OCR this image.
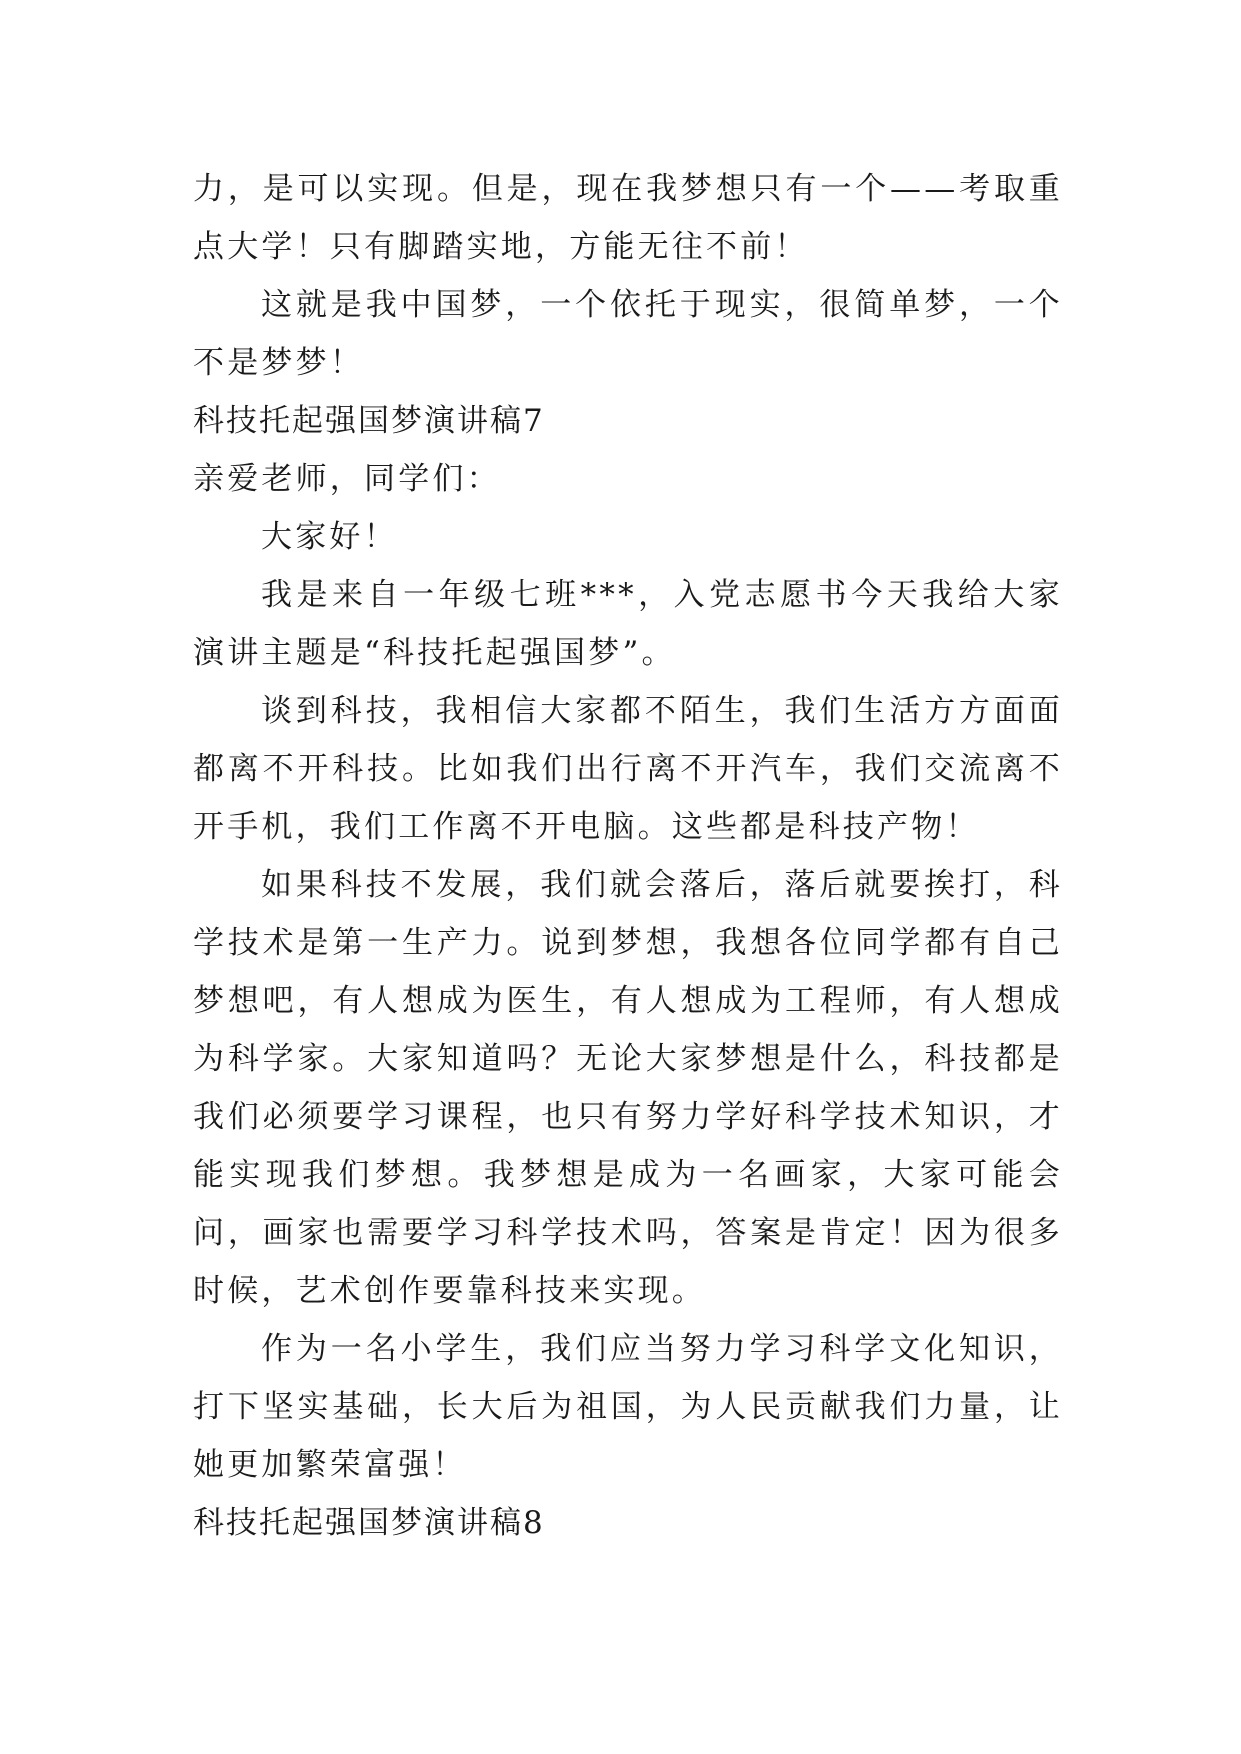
力，是可以实现。但是，现在我梦想只有一个——考取重点大学！只有脚踏实地，方能无往不前！

这就是我中国梦，一个依托于现实，很简单梦，一个不是梦梦！

科技托起强国梦演讲稿7

亲爱老师，同学们：

大家好！

我是来自一年级七班***，入党志愿书今天我给大家演讲主题是“科技托起强国梦”。

谈到科技，我相信大家都不陌生，我们生活方方面面都离不开科技。比如我们出行离不开汽车，我们交流离不开手机，我们工作离不开电脑。这些都是科技产物！

如果科技不发展，我们就会落后，落后就要挨打，科学技术是第一生产力。说到梦想，我想各位同学都有自己梦想吧，有人想成为医生，有人想成为工程师，有人想成为科学家。大家知道吗？无论大家梦想是什么，科技都是我们必须要学习课程，也只有努力学好科学技术知识，才能实现我们梦想。我梦想是成为一名画家，大家可能会问，画家也需要学习科学技术吗，答案是肯定！因为很多时候，艺术创作要靠科技来实现。

作为一名小学生，我们应当努力学习科学文化知识，打下坚实基础，长大后为祖国，为人民贡献我们力量，让她更加繁荣富强！

科技托起强国梦演讲稿8
